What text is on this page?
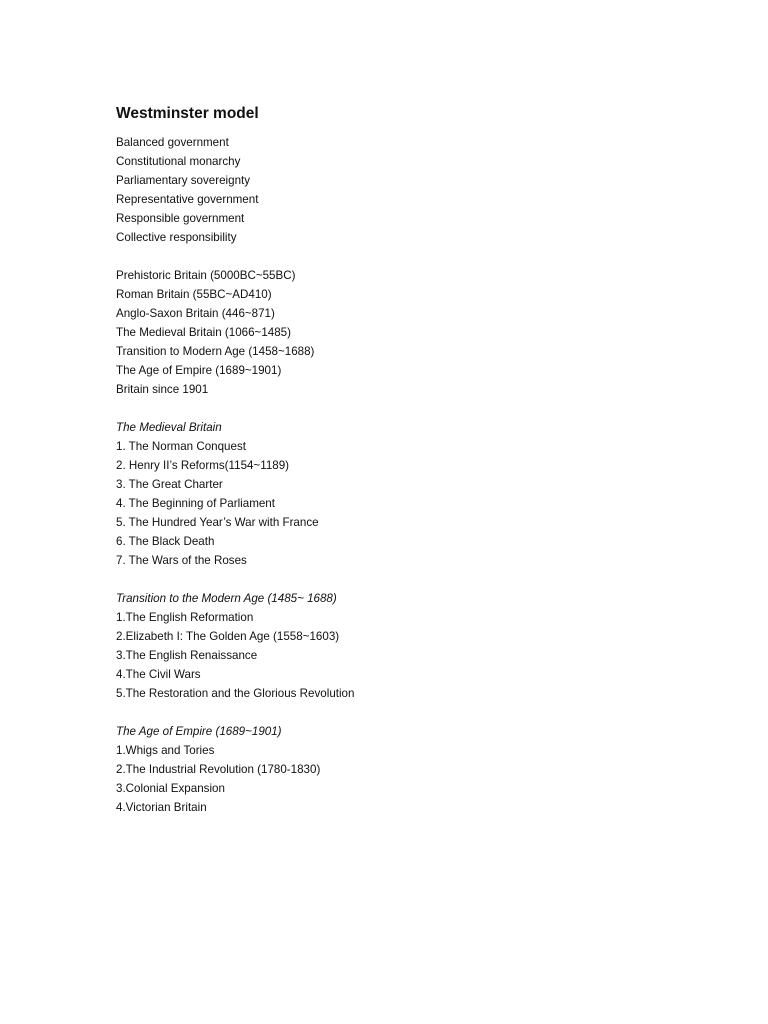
Westminster model
Balanced government
Constitutional monarchy
Parliamentary sovereignty
Representative government
Responsible government
Collective responsibility
Prehistoric Britain (5000BC~55BC)
Roman Britain (55BC~AD410)
Anglo-Saxon Britain (446~871)
The Medieval Britain (1066~1485)
Transition to Modern Age (1458~1688)
The Age of Empire (1689~1901)
Britain since 1901
The Medieval Britain
1. The Norman Conquest
2. Henry II’s Reforms(1154~1189)
3. The Great Charter
4. The Beginning of Parliament
5. The Hundred Year’s War with France
6. The Black Death
7. The Wars of the Roses
Transition to the Modern Age (1485~ 1688)
1.The English Reformation
2.Elizabeth I: The Golden Age (1558~1603)
3.The English Renaissance
4.The Civil Wars
5.The Restoration and the Glorious Revolution
The Age of Empire (1689~1901)
1.Whigs and Tories
2.The Industrial Revolution (1780-1830)
3.Colonial Expansion
4.Victorian Britain
